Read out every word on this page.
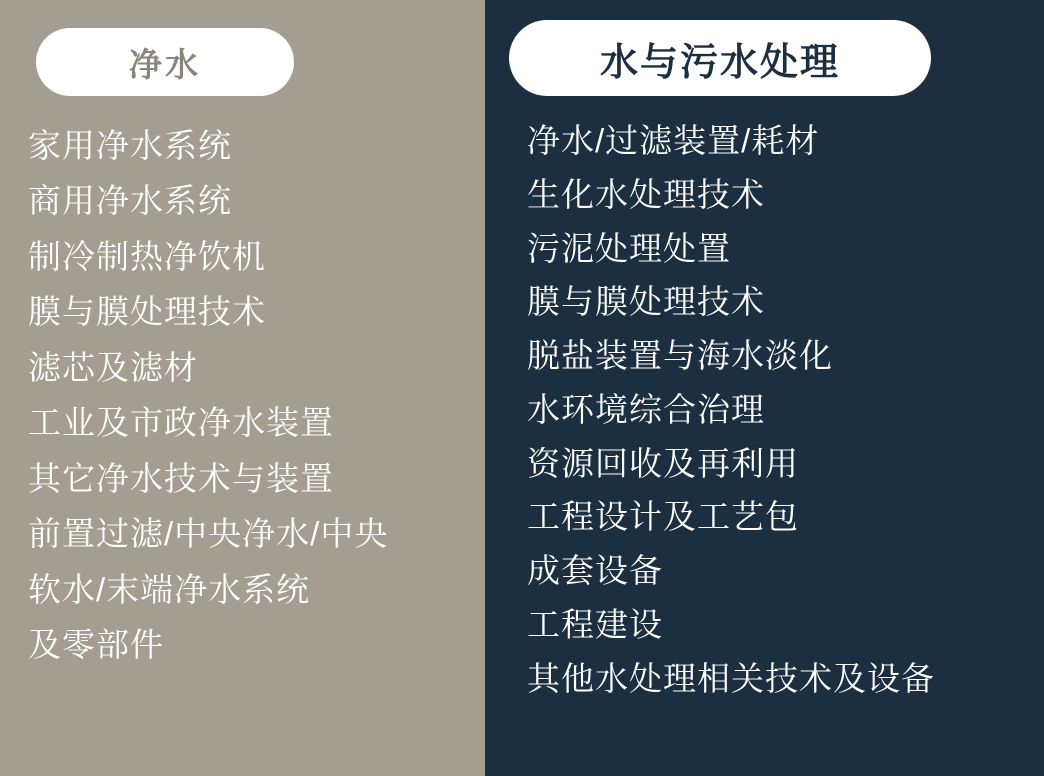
净水
家用净水系统
商用净水系统
制冷制热净饮机
膜与膜处理技术
滤芯及滤材
工业及市政净水装置
其它净水技术与装置
前置过滤/中央净水/中央
软水/末端净水系统
及零部件
水与污水处理
净水/过滤装置/耗材
生化水处理技术
污泥处理处置
膜与膜处理技术
脱盐装置与海水淡化
水环境综合治理
资源回收及再利用
工程设计及工艺包
成套设备
工程建设
其他水处理相关技术及设备
